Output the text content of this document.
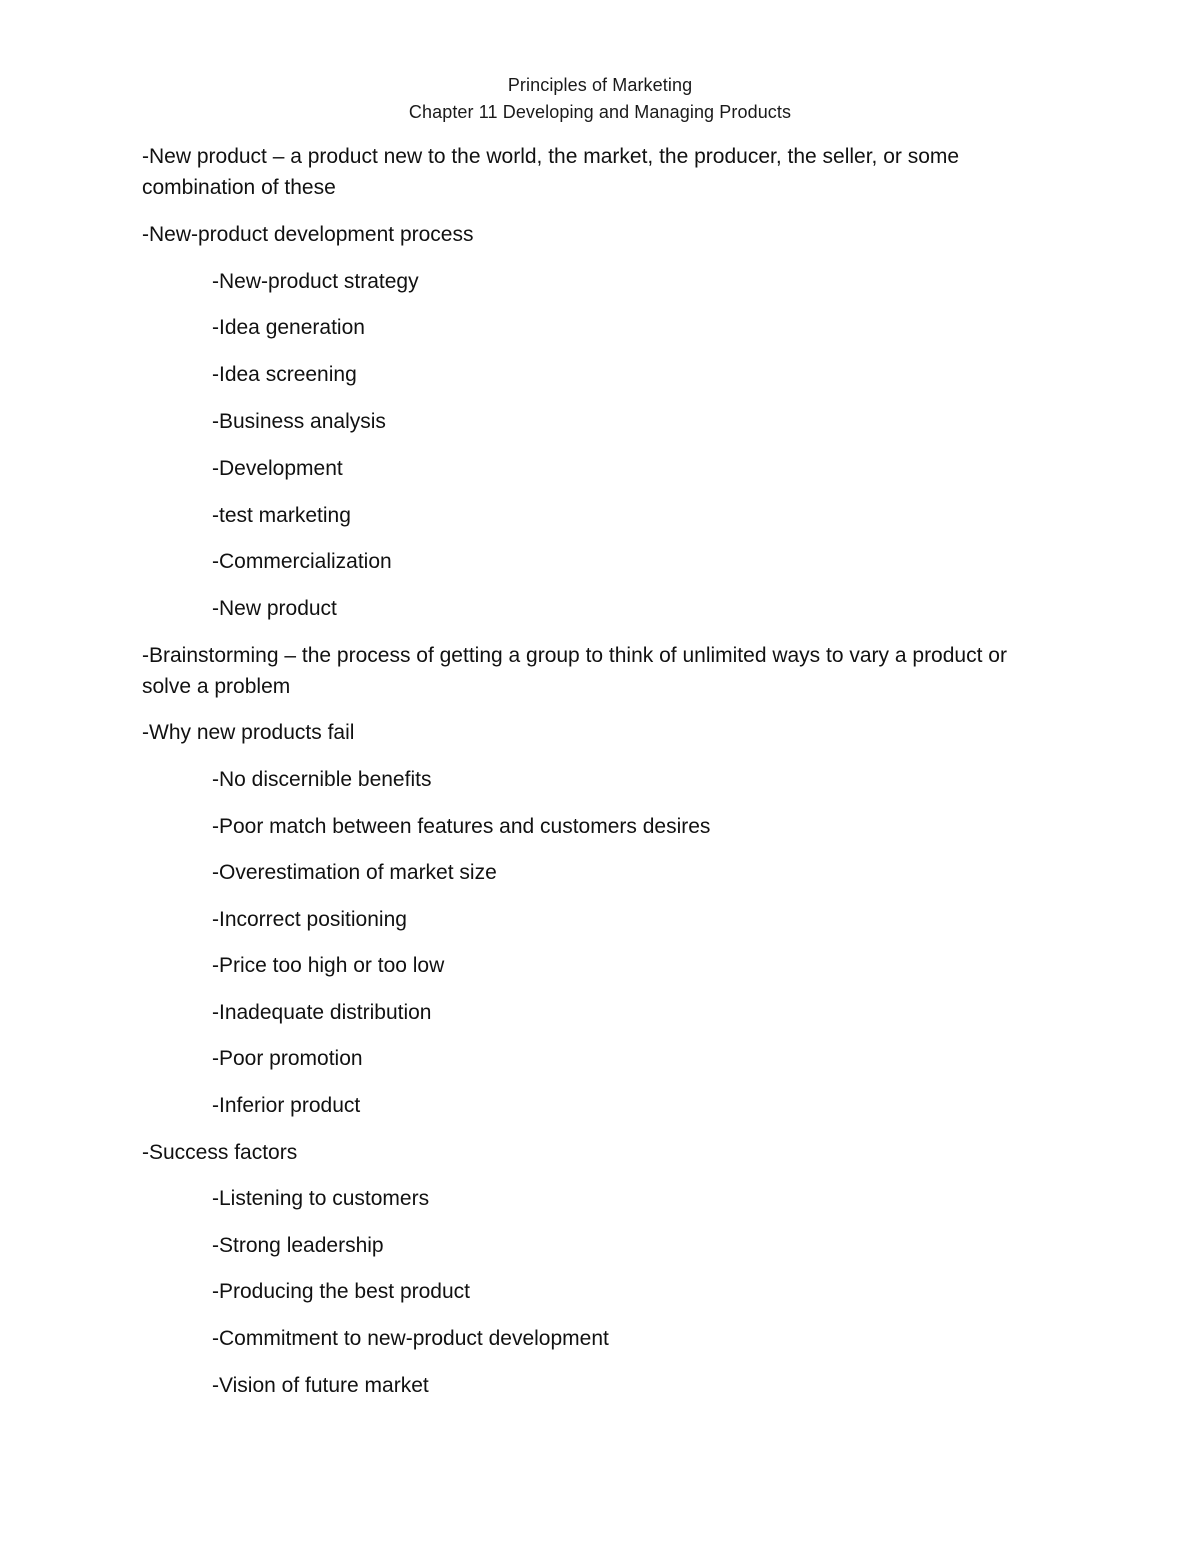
Principles of Marketing
Chapter 11 Developing and Managing Products
-New product – a product new to the world, the market, the producer, the seller, or some
combination of these
-New-product development process
-New-product strategy
-Idea generation
-Idea screening
-Business analysis
-Development
-test marketing
-Commercialization
-New product
-Brainstorming – the process of getting a group to think of unlimited ways to vary a product or
solve a problem
-Why new products fail
-No discernible benefits
-Poor match between features and customers desires
-Overestimation of market size
-Incorrect positioning
-Price too high or too low
-Inadequate distribution
-Poor promotion
-Inferior product
-Success factors
-Listening to customers
-Strong leadership
-Producing the best product
-Commitment to new-product development
-Vision of future market
